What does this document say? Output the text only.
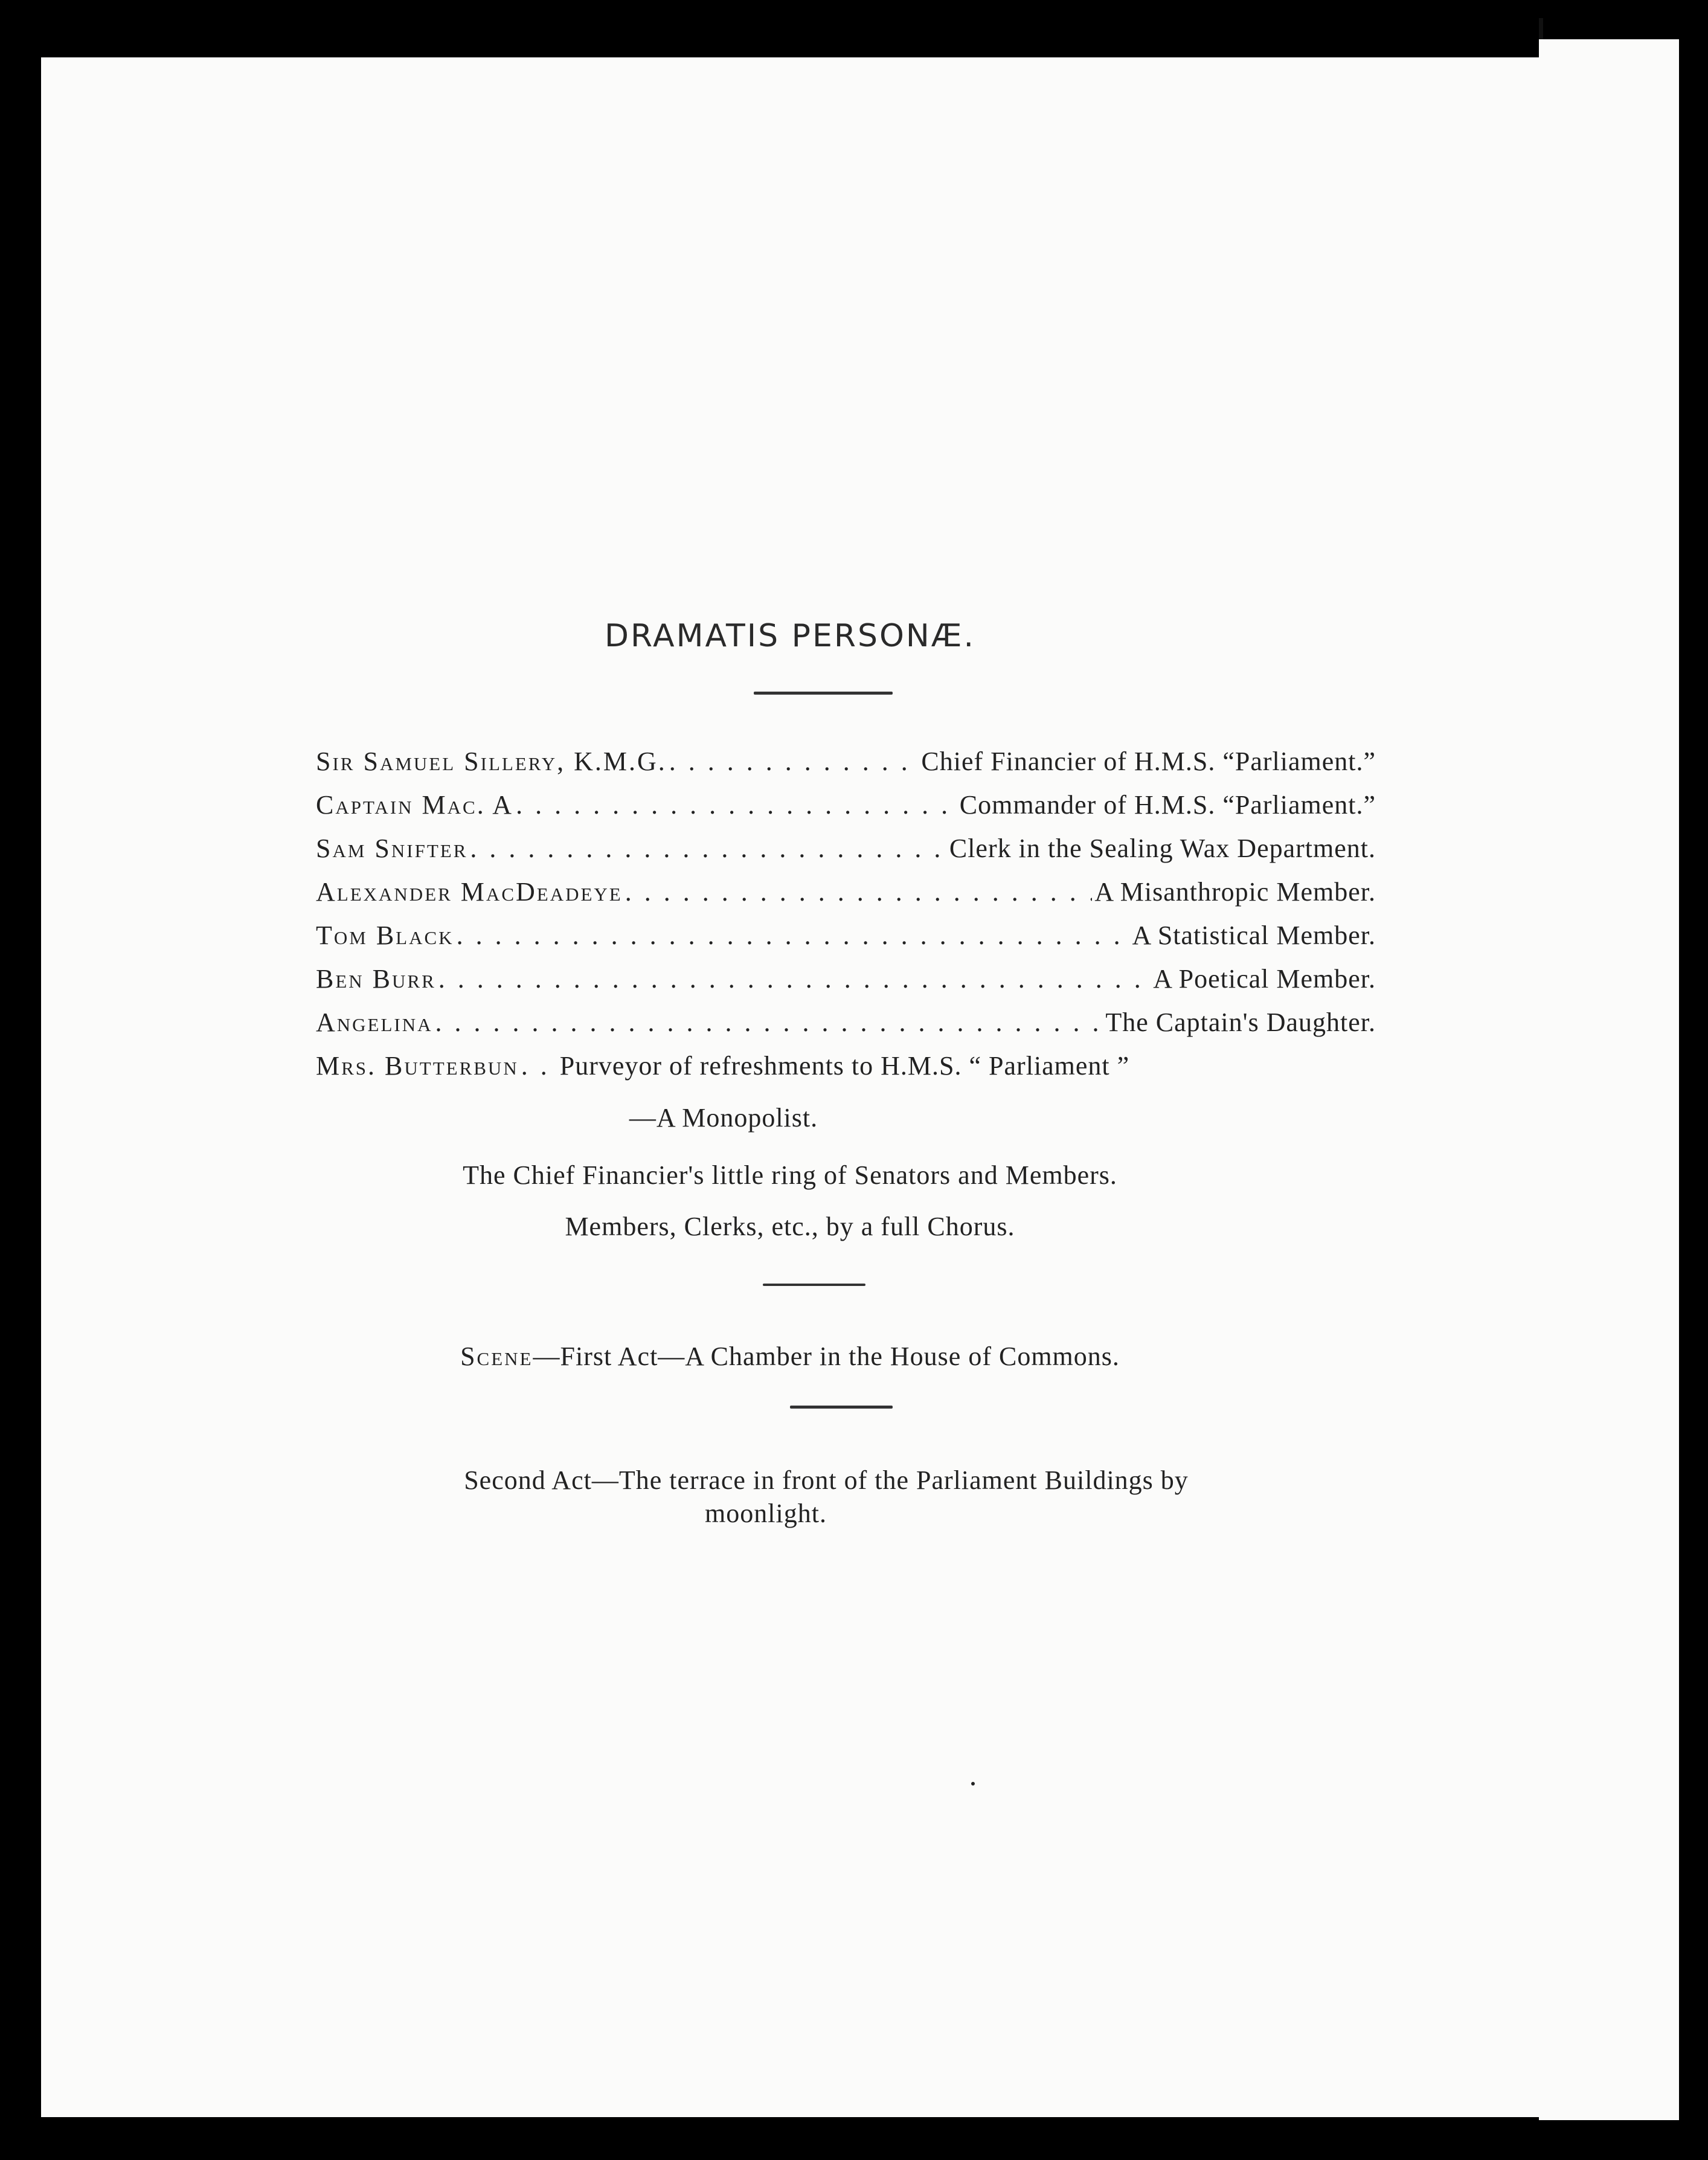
DRAMATIS PERSONÆ.
Sir Samuel Sillery, K.M.G. . . .	Chief Financier of H.M.S. “Parliament.”
Captain Mac. A . . .	Commander of H.M.S. “Parliament.”
Sam Snifter . . .	Clerk in the Sealing Wax Department.
Alexander MacDeadeye . . .	A Misanthropic Member.
Tom Black . . .	A Statistical Member.
Ben Burr . . .	A Poetical Member.
Angelina . . .	The Captain's Daughter.
Mrs. Butterbun . . . Purveyor of refreshments to H.M.S. “ Parliament ”
—A Monopolist.
The Chief Financier's little ring of Senators and Members.
Members, Clerks, etc., by a full Chorus.
Scene—First Act—A Chamber in the House of Commons.
Second Act—The terrace in front of the Parliament Buildings by
moonlight.
